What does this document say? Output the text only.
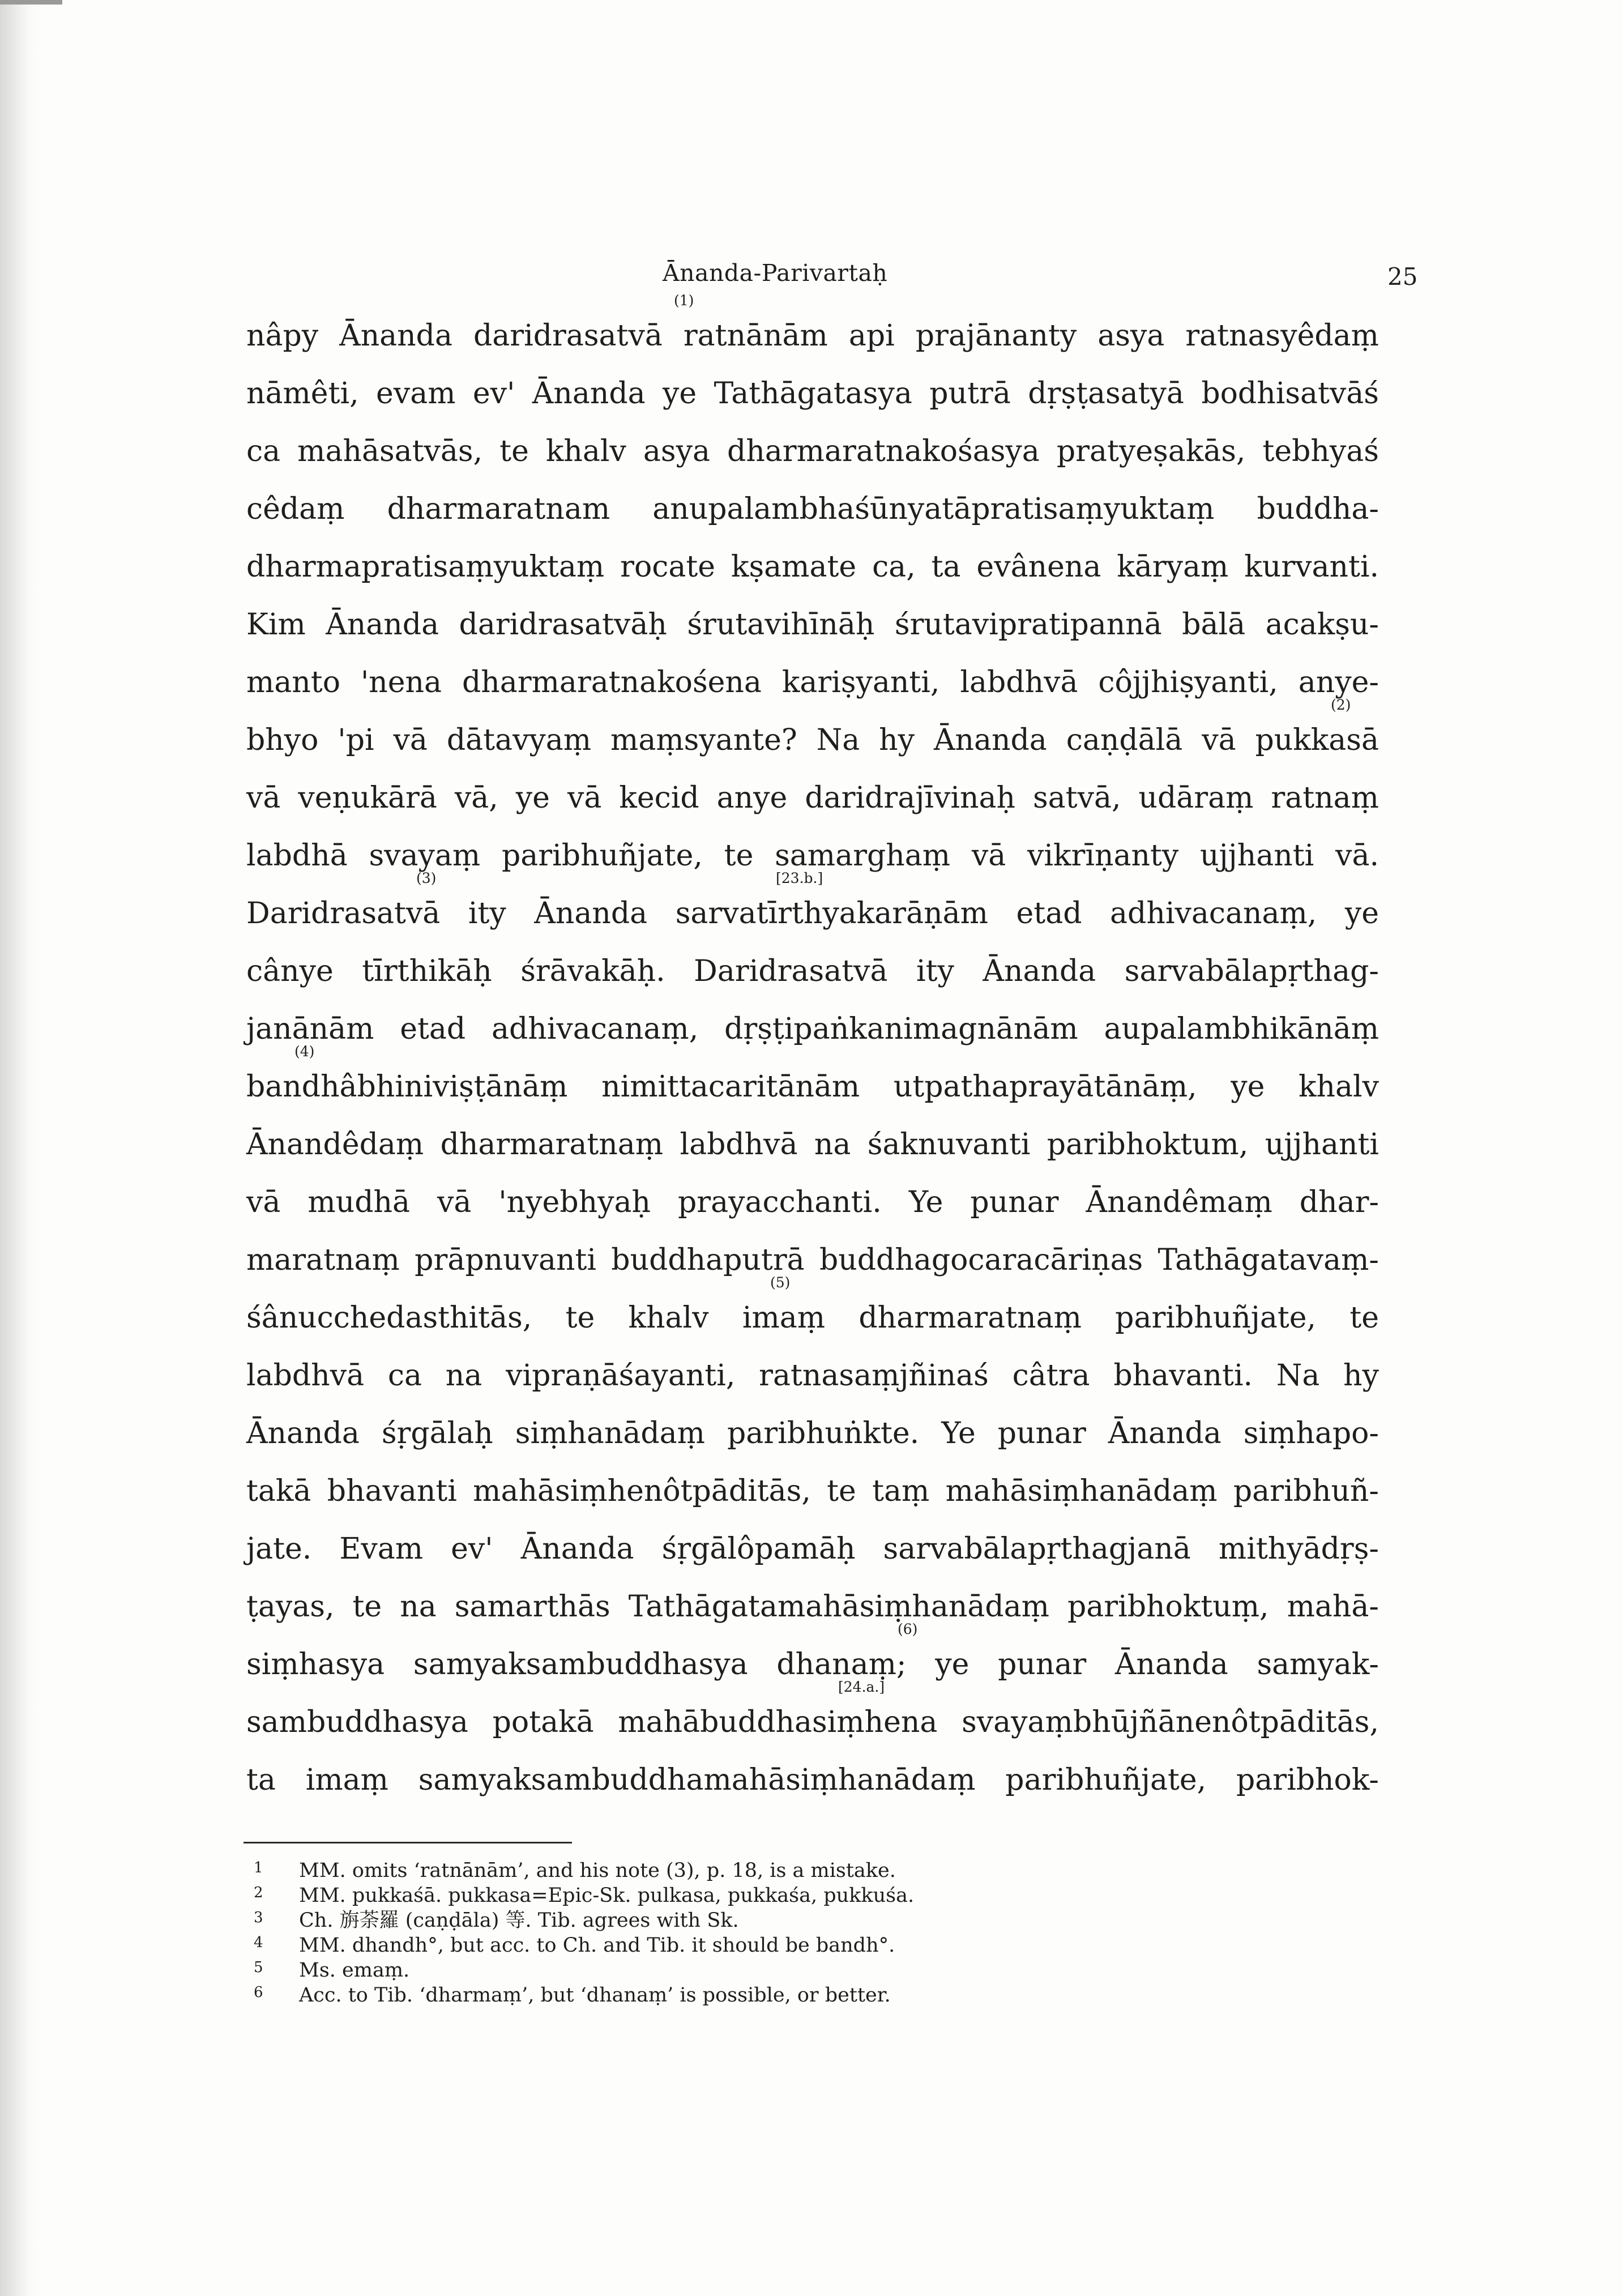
Ānanda-Parivartaḥ	25
nâpy Ānanda daridrasatvā ratnānām api prajānanty asya ratnasyêdaṃ
(1)
nāmêti, evam ev' Ānanda ye Tathāgatasya putrā dṛṣṭasatyā bodhisatvāś
ca mahāsatvās, te khalv asya dharmaratnakośasya pratyeṣakās, tebhyaś
cêdaṃ dharmaratnam anupalambhaśūnyatāpratisaṃyuktaṃ buddha-
dharmapratisaṃyuktaṃ rocate kṣamate ca, ta evânena kāryaṃ kurvanti.
Kim Ānanda daridrasatvāḥ śrutavihīnāḥ śrutavipratipannā bālā acakṣu-
manto 'nena dharmaratnakośena kariṣyanti, labdhvā côjjhiṣyanti, anye-
bhyo 'pi vā dātavyaṃ maṃsyante? Na hy Ānanda caṇḍālā vā pukkasā
(2)
vā veṇukārā vā, ye vā kecid anye daridrajīvinaḥ satvā, udāraṃ ratnaṃ
labdhā svayaṃ paribhuñjate, te samarghaṃ vā vikrīṇanty ujjhanti vā.
Daridrasatvā ity Ānanda sarvatīrthyakarāṇām etad adhivacanaṃ, ye
(3)	[23.b.]
cânye tīrthikāḥ śrāvakāḥ. Daridrasatvā ity Ānanda sarvabālapṛthag-
janānām etad adhivacanaṃ, dṛṣṭipaṅkanimagnānām aupalambhikānāṃ
bandhâbhiniviṣṭānāṃ nimittacaritānām utpathaprayātānāṃ, ye khalv
(4)
Ānandêdaṃ dharmaratnaṃ labdhvā na śaknuvanti paribhoktum, ujjhanti
vā mudhā vā 'nyebhyaḥ prayacchanti. Ye punar Ānandêmaṃ dhar-
maratnaṃ prāpnuvanti buddhaputrā buddhagocaracāriṇas Tathāgatavaṃ-
śânucchedasthitās, te khalv imaṃ dharmaratnaṃ paribhuñjate, te
(5)
labdhvā ca na vipraṇāśayanti, ratnasaṃjñinaś câtra bhavanti. Na hy
Ānanda śṛgālaḥ siṃhanādaṃ paribhuṅkte. Ye punar Ānanda siṃhapo-
takā bhavanti mahāsiṃhenôtpāditās, te taṃ mahāsiṃhanādaṃ paribhuñ-
jate. Evam ev' Ānanda śṛgālôpamāḥ sarvabālapṛthagjanā mithyādṛṣ-
ṭayas, te na samarthās Tathāgatamahāsiṃhanādaṃ paribhoktuṃ, mahā-
siṃhasya samyaksambuddhasya dhanaṃ; ye punar Ānanda samyak-
(6)
sambuddhasya potakā mahābuddhasiṃhena svayaṃbhūjñānenôtpāditās,
[24.a.]
ta imaṃ samyaksambuddhamahāsiṃhanādaṃ paribhuñjate, paribhok-
1 MM. omits ‘ratnānām’, and his note (3), p. 18, is a mistake.
2 MM. pukkaśā. pukkasa=Epic-Sk. pulkasa, pukkaśa, pukkuśa.
3 Ch. 旃荼羅 (caṇḍāla) 等. Tib. agrees with Sk.
4 MM. dhandh°, but acc. to Ch. and Tib. it should be bandh°.
5 Ms. emaṃ.
6 Acc. to Tib. ‘dharmaṃ’, but ‘dhanaṃ’ is possible, or better.
